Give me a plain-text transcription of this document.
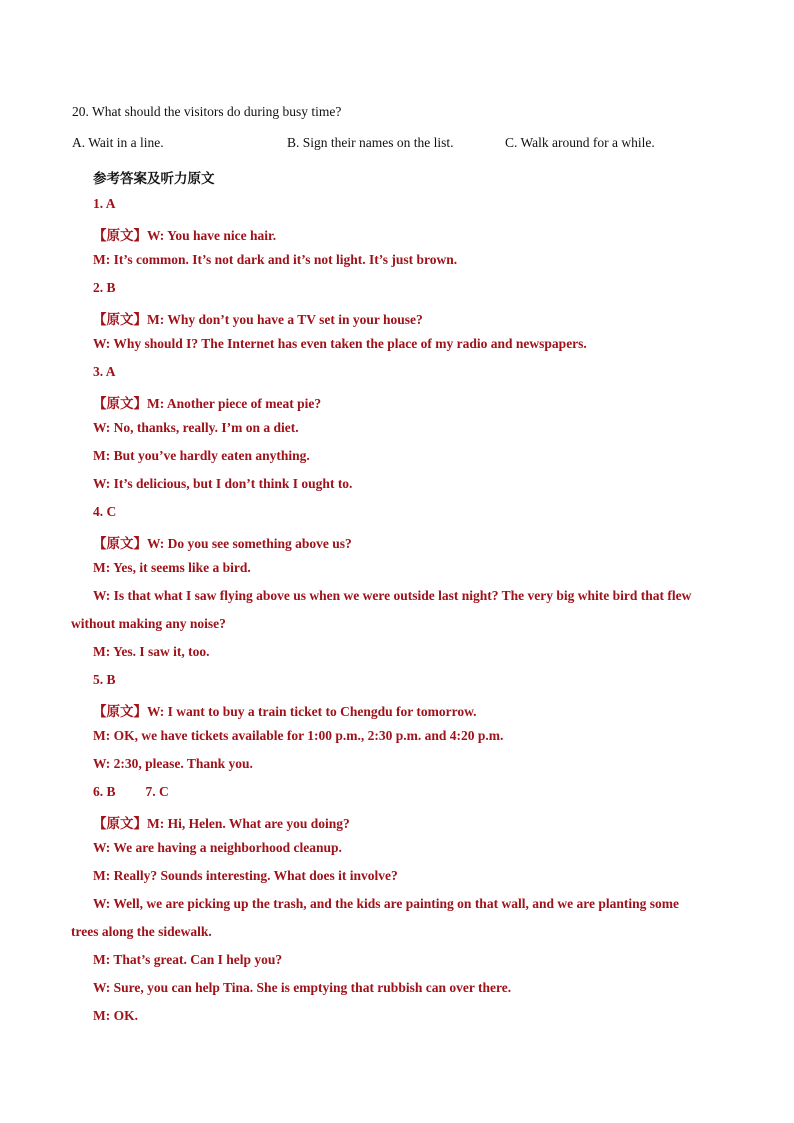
20. What should the visitors do during busy time?
A. Wait in a line.	B. Sign their names on the list.	C. Walk around for a while.
参考答案及听力原文
1. A
【原文】W: You have nice hair.
M: It’s common. It’s not dark and it’s not light. It’s just brown.
2. B
【原文】M: Why don’t you have a TV set in your house?
W: Why should I? The Internet has even taken the place of my radio and newspapers.
3. A
【原文】M: Another piece of meat pie?
W: No, thanks, really. I’m on a diet.
M: But you’ve hardly eaten anything.
W: It’s delicious, but I don’t think I ought to.
4. C
【原文】W: Do you see something above us?
M: Yes, it seems like a bird.
W: Is that what I saw flying above us when we were outside last night? The very big white bird that flew
without making any noise?
M: Yes. I saw it, too.
5. B
【原文】W: I want to buy a train ticket to Chengdu for tomorrow.
M: OK, we have tickets available for 1:00 p.m., 2:30 p.m. and 4:20 p.m.
W: 2:30, please. Thank you.
6. B 7. C
【原文】M: Hi, Helen. What are you doing?
W: We are having a neighborhood cleanup.
M: Really? Sounds interesting. What does it involve?
W: Well, we are picking up the trash, and the kids are painting on that wall, and we are planting some
trees along the sidewalk.
M: That’s great. Can I help you?
W: Sure, you can help Tina. She is emptying that rubbish can over there.
M: OK.
